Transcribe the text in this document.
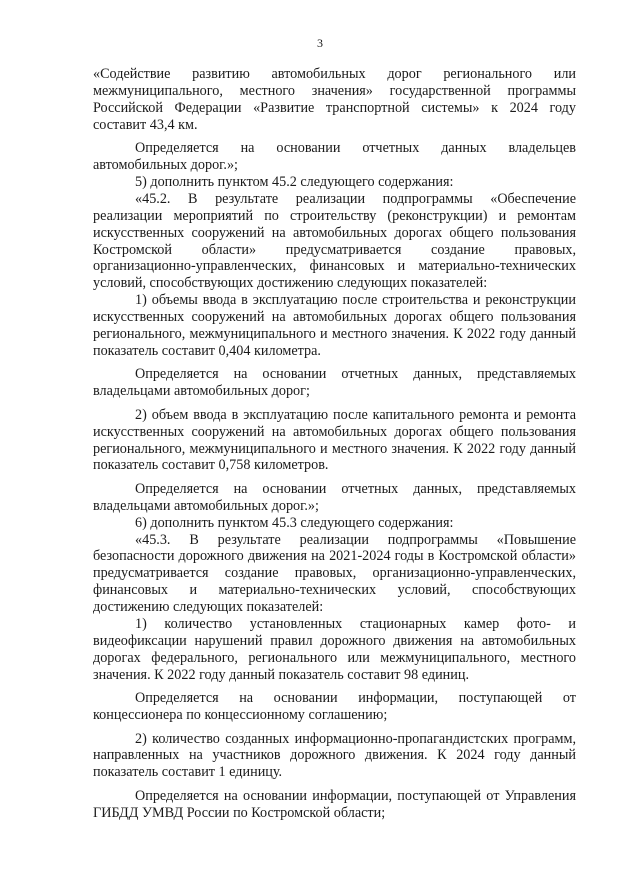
3

«Содействие развитию автомобильных дорог регионального или межмуниципального, местного значения» государственной программы Российской Федерации «Развитие транспортной системы» к 2024 году составит 43,4 км.

Определяется на основании отчетных данных владельцев автомобильных дорог.»;

5) дополнить пунктом 45.2 следующего содержания:

«45.2. В результате реализации подпрограммы «Обеспечение реализации мероприятий по строительству (реконструкции) и ремонтам искусственных сооружений на автомобильных дорогах общего пользования Костромской области» предусматривается создание правовых, организационно-управленческих, финансовых и материально-технических условий, способствующих достижению следующих показателей:

1) объемы ввода в эксплуатацию после строительства и реконструкции искусственных сооружений на автомобильных дорогах общего пользования регионального, межмуниципального и местного значения. К 2022 году данный показатель составит 0,404 километра.

Определяется на основании отчетных данных, представляемых владельцами автомобильных дорог;

2) объем ввода в эксплуатацию после капитального ремонта и ремонта искусственных сооружений на автомобильных дорогах общего пользования регионального, межмуниципального и местного значения. К 2022 году данный показатель составит 0,758 километров.

Определяется на основании отчетных данных, представляемых владельцами автомобильных дорог.»;

6) дополнить пунктом 45.3 следующего содержания:

«45.3. В результате реализации подпрограммы «Повышение безопасности дорожного движения на 2021-2024 годы в Костромской области» предусматривается создание правовых, организационно-управленческих, финансовых и материально-технических условий, способствующих достижению следующих показателей:

1) количество установленных стационарных камер фото- и видеофиксации нарушений правил дорожного движения на автомобильных дорогах федерального, регионального или межмуниципального, местного значения. К 2022 году данный показатель составит 98 единиц.

Определяется на основании информации, поступающей от концессионера по концессионному соглашению;

2) количество созданных информационно-пропагандистских программ, направленных на участников дорожного движения. К 2024 году данный показатель составит 1 единицу.

Определяется на основании информации, поступающей от Управления ГИБДД УМВД России по Костромской области;
